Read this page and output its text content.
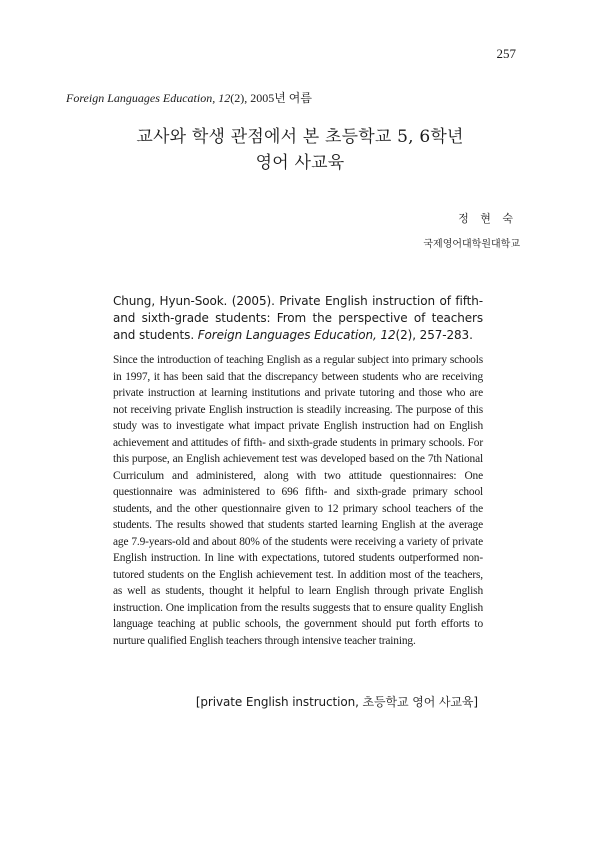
257
Foreign Languages Education, 12(2), 2005년 여름
교사와 학생 관점에서 본 초등학교 5, 6학년
영어 사교육
정 현 숙
국제영어대학원대학교
Chung, Hyun-Sook. (2005). Private English instruction of fifth- and sixth-grade students: From the perspective of teachers and students. Foreign Languages Education, 12(2), 257-283.
Since the introduction of teaching English as a regular subject into primary schools in 1997, it has been said that the discrepancy between students who are receiving private instruction at learning institutions and private tutoring and those who are not receiving private English instruction is steadily increasing. The purpose of this study was to investigate what impact private English instruction had on English achievement and attitudes of fifth- and sixth-grade students in primary schools. For this purpose, an English achievement test was developed based on the 7th National Curriculum and administered, along with two attitude questionnaires: One questionnaire was administered to 696 fifth- and sixth-grade primary school students, and the other questionnaire given to 12 primary school teachers of the students. The results showed that students started learning English at the average age 7.9-years-old and about 80% of the students were receiving a variety of private English instruction. In line with expectations, tutored students outperformed non-tutored students on the English achievement test. In addition most of the teachers, as well as students, thought it helpful to learn English through private English instruction. One implication from the results suggests that to ensure quality English language teaching at public schools, the government should put forth efforts to nurture qualified English teachers through intensive teacher training.
[private English instruction, 초등학교 영어 사교육]
